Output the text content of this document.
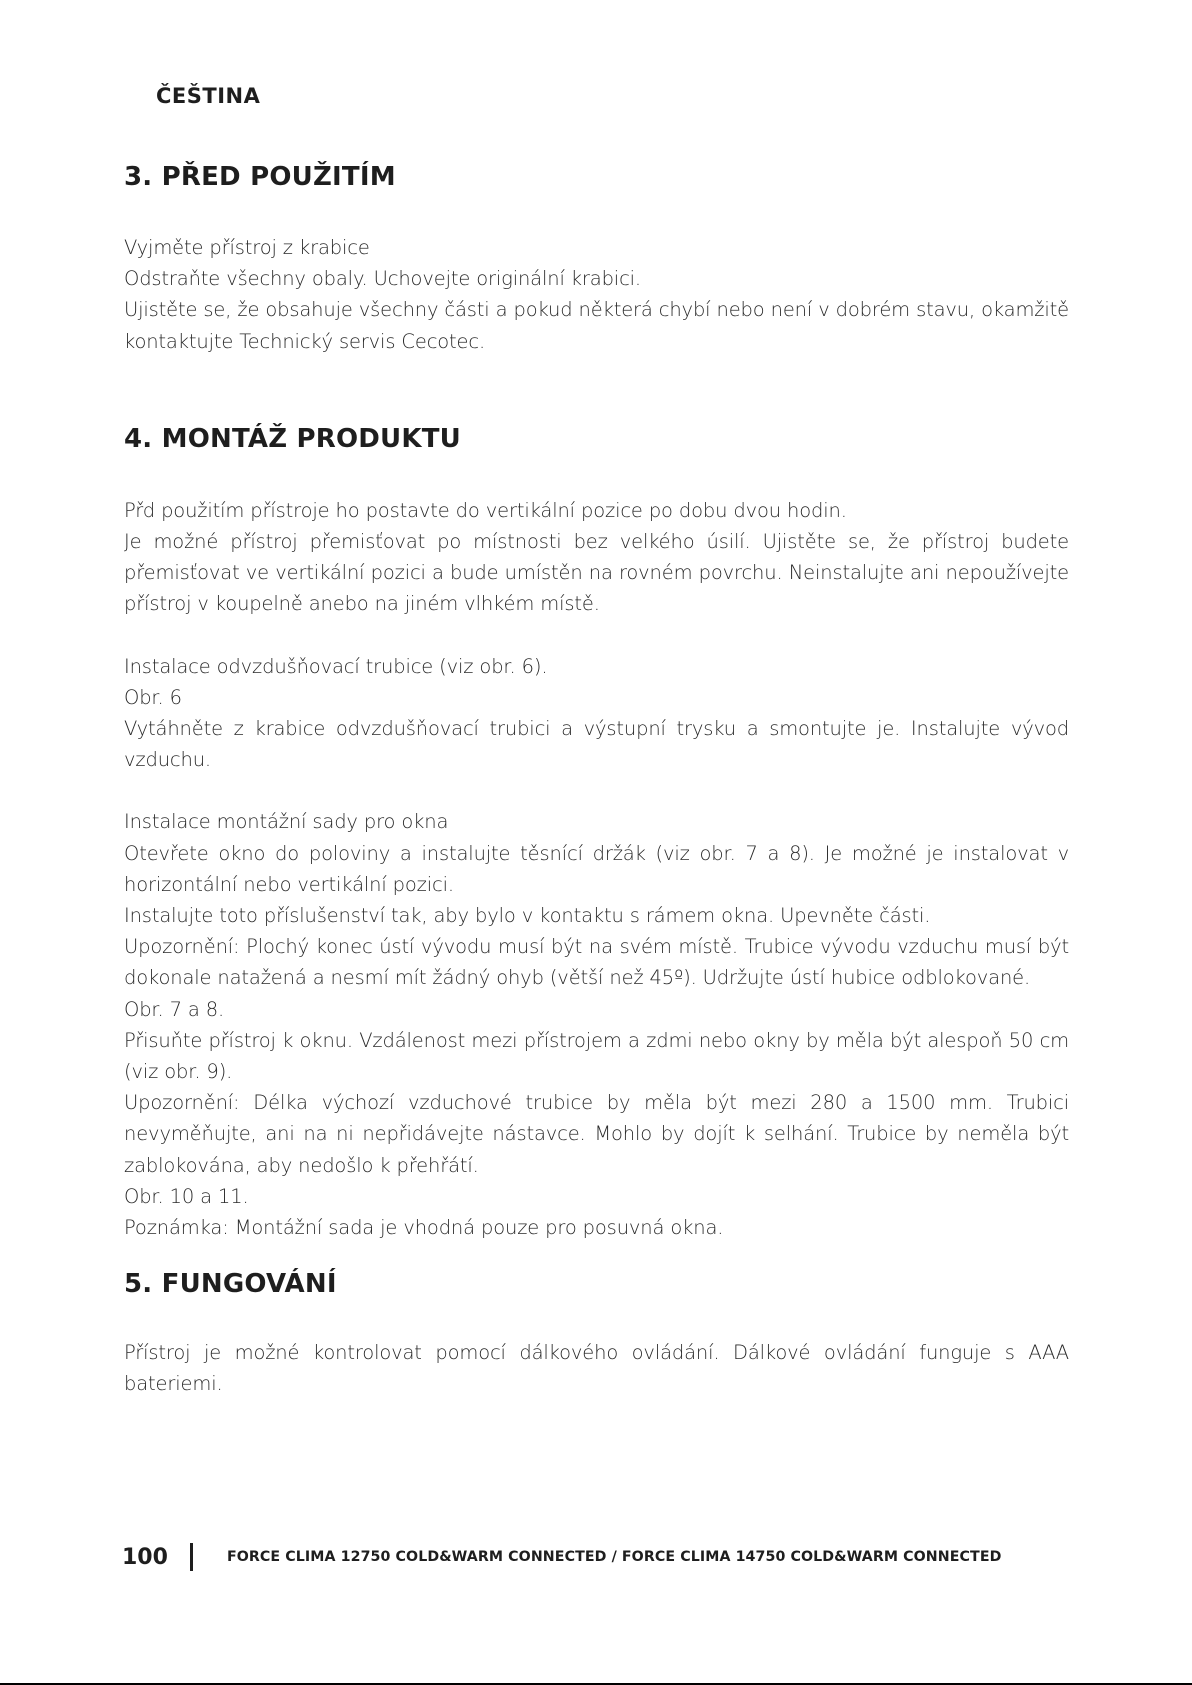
ČEŠTINA
3. PŘED POUŽITÍM

Vyjměte přístroj z krabice

Odstraňte všechny obaly. Uchovejte originální krabici.

Ujistěte se, že obsahuje všechny části a pokud některá chybí nebo není v dobrém stavu, okamžitě kontaktujte Technický servis Cecotec.

4. MONTÁŽ PRODUKTU

Přd použitím přístroje ho postavte do vertikální pozice po dobu dvou hodin.

Je možné přístroj přemisťovat po místnosti bez velkého úsilí. Ujistěte se, že přístroj budete přemisťovat ve vertikální pozici a bude umístěn na rovném povrchu. Neinstalujte ani nepoužívejte přístroj v koupelně anebo na jiném vlhkém místě.

Instalace odvzdušňovací trubice (viz obr. 6).

Obr. 6

Vytáhněte z krabice odvzdušňovací trubici a výstupní trysku a smontujte je. Instalujte vývod vzduchu.

Instalace montážní sady pro okna

Otevřete okno do poloviny a instalujte těsnící držák (viz obr. 7 a 8). Je možné je instalovat v horizontální nebo vertikální pozici.

Instalujte toto příslušenství tak, aby bylo v kontaktu s rámem okna. Upevněte části.

Upozornění: Plochý konec ústí vývodu musí být na svém místě. Trubice vývodu vzduchu musí být dokonale natažená a nesmí mít žádný ohyb (větší než 45º). Udržujte ústí hubice odblokované.

Obr. 7 a 8.

Přisuňte přístroj k oknu. Vzdálenost mezi přístrojem a zdmi nebo okny by měla být alespoň 50 cm (viz obr. 9).

Upozornění: Délka výchozí vzduchové trubice by měla být mezi 280 a 1500 mm. Trubici nevyměňujte, ani na ni nepřidávejte nástavce. Mohlo by dojít k selhání. Trubice by neměla být zablokována, aby nedošlo k přehřátí.

Obr. 10 a 11.

Poznámka: Montážní sada je vhodná pouze pro posuvná okna.

5. FUNGOVÁNÍ

Přístroj je možné kontrolovat pomocí dálkového ovládání. Dálkové ovládání funguje s AAA bateriemi.

100	FORCE CLIMA 12750 COLD&WARM CONNECTED / FORCE CLIMA 14750 COLD&WARM CONNECTED
